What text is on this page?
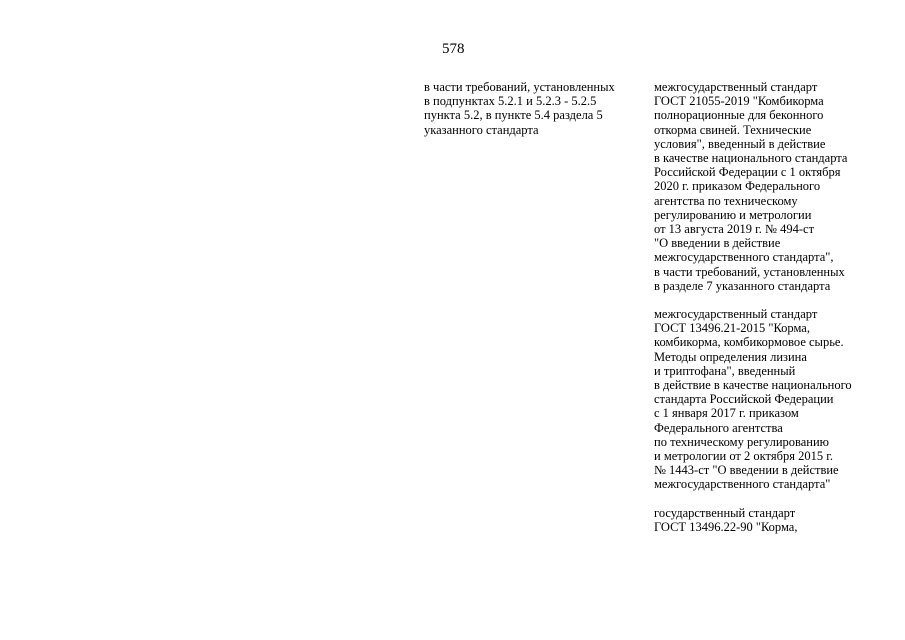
578
в части требований, установленных
в подпунктах 5.2.1 и 5.2.3 - 5.2.5
пункта 5.2, в пункте 5.4 раздела 5
указанного стандарта
межгосударственный стандарт
ГОСТ 21055-2019 "Комбикорма
полнорационные для беконного
откорма свиней. Технические
условия", введенный в действие
в качестве национального стандарта
Российской Федерации с 1 октября
2020 г. приказом Федерального
агентства по техническому
регулированию и метрологии
от 13 августа 2019 г. № 494-ст
"О введении в действие
межгосударственного стандарта",
в части требований, установленных
в разделе 7 указанного стандарта
межгосударственный стандарт
ГОСТ 13496.21-2015 "Корма,
комбикорма, комбикормовое сырье.
Методы определения лизина
и триптофана", введенный
в действие в качестве национального
стандарта Российской Федерации
с 1 января 2017 г. приказом
Федерального агентства
по техническому регулированию
и метрологии от 2 октября 2015 г.
№ 1443-ст "О введении в действие
межгосударственного стандарта"
государственный стандарт
ГОСТ 13496.22-90 "Корма,
